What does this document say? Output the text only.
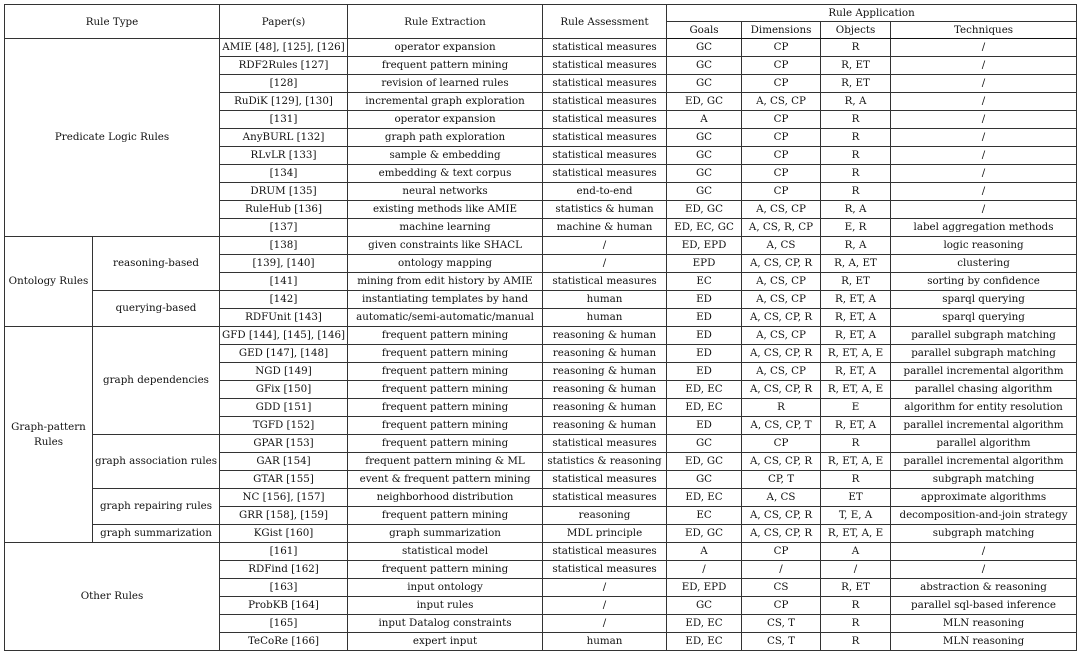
Rule Type		Paper(s)	Rule Extraction	Rule Assessment	Rule Application			
					Goals	Dimensions	Objects	Techniques
Predicate Logic Rules		AMIE [48], [125], [126]	operator expansion	statistical measures	GC	CP	R	/
		RDF2Rules [127]	frequent pattern mining	statistical measures	GC	CP	R, ET	/
		[128]	revision of learned rules	statistical measures	GC	CP	R, ET	/
		RuDiK [129], [130]	incremental graph exploration	statistical measures	ED, GC	A, CS, CP	R, A	/
		[131]	operator expansion	statistical measures	A	CP	R	/
		AnyBURL [132]	graph path exploration	statistical measures	GC	CP	R	/
		RLvLR [133]	sample & embedding	statistical measures	GC	CP	R	/
		[134]	embedding & text corpus	statistical measures	GC	CP	R	/
		DRUM [135]	neural networks	end-to-end	GC	CP	R	/
		RuleHub [136]	existing methods like AMIE	statistics & human	ED, GC	A, CS, CP	R, A	/
		[137]	machine learning	machine & human	ED, EC, GC	A, CS, R, CP	E, R	label aggregation methods
Ontology Rules	reasoning-based	[138]	given constraints like SHACL	/	ED, EPD	A, CS	R, A	logic reasoning
		[139], [140]	ontology mapping	/	EPD	A, CS, CP, R	R, A, ET	clustering
		[141]	mining from edit history by AMIE	statistical measures	EC	A, CS, CP	R, ET	sorting by confidence
	querying-based	[142]	instantiating templates by hand	human	ED	A, CS, CP	R, ET, A	sparql querying
		RDFUnit [143]	automatic/semi-automatic/manual	human	ED	A, CS, CP, R	R, ET, A	sparql querying
Graph-pattern Rules	graph dependencies	GFD [144], [145], [146]	frequent pattern mining	reasoning & human	ED	A, CS, CP	R, ET, A	parallel subgraph matching
		GED [147], [148]	frequent pattern mining	reasoning & human	ED	A, CS, CP, R	R, ET, A, E	parallel subgraph matching
		NGD [149]	frequent pattern mining	reasoning & human	ED	A, CS, CP	R, ET, A	parallel incremental algorithm
		GFix [150]	frequent pattern mining	reasoning & human	ED, EC	A, CS, CP, R	R, ET, A, E	parallel chasing algorithm
		GDD [151]	frequent pattern mining	reasoning & human	ED, EC	R	E	algorithm for entity resolution
		TGFD [152]	frequent pattern mining	reasoning & human	ED	A, CS, CP, T	R, ET, A	parallel incremental algorithm
	graph association rules	GPAR [153]	frequent pattern mining	statistical measures	GC	CP	R	parallel algorithm
		GAR [154]	frequent pattern mining & ML	statistics & reasoning	ED, GC	A, CS, CP, R	R, ET, A, E	parallel incremental algorithm
		GTAR [155]	event & frequent pattern mining	statistical measures	GC	CP, T	R	subgraph matching
	graph repairing rules	NC [156], [157]	neighborhood distribution	statistical measures	ED, EC	A, CS	ET	approximate algorithms
		GRR [158], [159]	frequent pattern mining	reasoning	EC	A, CS, CP, R	T, E, A	decomposition-and-join strategy
	graph summarization	KGist [160]	graph summarization	MDL principle	ED, GC	A, CS, CP, R	R, ET, A, E	subgraph matching
Other Rules		[161]	statistical model	statistical measures	A	CP	A	/
		RDFind [162]	frequent pattern mining	statistical measures	/	/	/	/
		[163]	input ontology	/	ED, EPD	CS	R, ET	abstraction & reasoning
		ProbKB [164]	input rules	/	GC	CP	R	parallel sql-based inference
		[165]	input Datalog constraints	/	ED, EC	CS, T	R	MLN reasoning
		TeCoRe [166]	expert input	human	ED, EC	CS, T	R	MLN reasoning
